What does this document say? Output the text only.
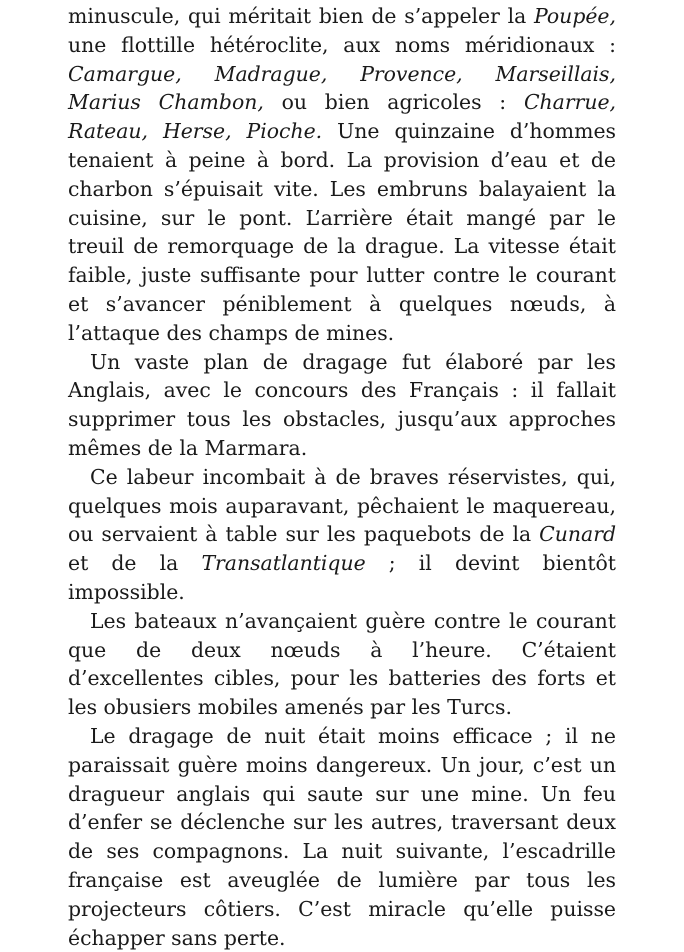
minuscule, qui méritait bien de s’appeler la Poupée, une flottille hétéroclite, aux noms méridionaux : Camargue, Madrague, Provence, Marseillais, Marius Chambon, ou bien agricoles : Charrue, Rateau, Herse, Pioche. Une quinzaine d’hommes tenaient à peine à bord. La provision d’eau et de charbon s’épuisait vite. Les embruns balayaient la cuisine, sur le pont. L’arrière était mangé par le treuil de remorquage de la drague. La vitesse était faible, juste suffisante pour lutter contre le courant et s’avancer péniblement à quelques nœuds, à l’attaque des champs de mines.

Un vaste plan de dragage fut élaboré par les Anglais, avec le concours des Français : il fallait supprimer tous les obstacles, jusqu’aux approches mêmes de la Marmara.

Ce labeur incombait à de braves réservistes, qui, quelques mois auparavant, pêchaient le maquereau, ou servaient à table sur les paquebots de la Cunard et de la Transatlantique ; il devint bientôt impossible.

Les bateaux n’avançaient guère contre le courant que de deux nœuds à l’heure. C’étaient d’excellentes cibles, pour les batteries des forts et les obusiers mobiles amenés par les Turcs.

Le dragage de nuit était moins efficace ; il ne paraissait guère moins dangereux. Un jour, c’est un dragueur anglais qui saute sur une mine. Un feu d’enfer se déclenche sur les autres, traversant deux de ses compagnons. La nuit suivante, l’escadrille française est aveuglée de lumière par tous les projecteurs côtiers. C’est miracle qu’elle puisse échapper sans perte.
